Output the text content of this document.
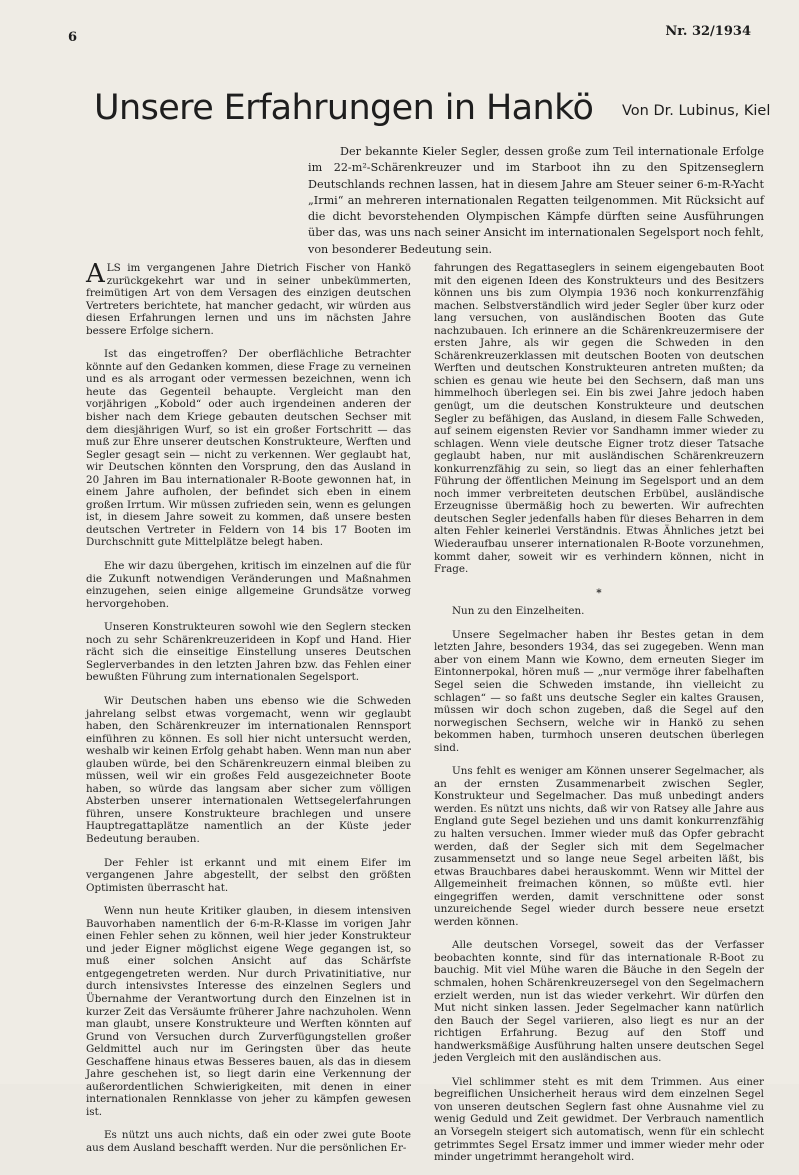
6	Nr. 32/1934
Unsere Erfahrungen in Hankö Von Dr. Lubinus, Kiel

Der bekannte Kieler Segler, dessen große zum Teil internationale Erfolge im 22-m²-Schärenkreuzer und im Starboot ihn zu den Spitzenseglern Deutschlands rechnen lassen, hat in diesem Jahre am Steuer seiner 6-m-R-Yacht „Irmi“ an mehreren internationalen Regatten teilgenommen. Mit Rücksicht auf die dicht bevorstehenden Olympischen Kämpfe dürften seine Ausführungen über das, was uns nach seiner Ansicht im internationalen Segelsport noch fehlt, von besonderer Bedeutung sein.

ALS im vergangenen Jahre Dietrich Fischer von Hankö zurückgekehrt war und in seiner unbekümmerten, freimütigen Art von dem Versagen des einzigen deutschen Vertreters berichtete, hat mancher gedacht, wir würden aus diesen Erfahrungen lernen und uns im nächsten Jahre bessere Erfolge sichern.

Ist das eingetroffen? Der oberflächliche Betrachter könnte auf den Gedanken kommen, diese Frage zu verneinen und es als arrogant oder vermessen bezeichnen, wenn ich heute das Gegenteil behaupte. Vergleicht man den vorjährigen „Kobold“ oder auch irgendeinen anderen der bisher nach dem Kriege gebauten deutschen Sechser mit dem diesjährigen Wurf, so ist ein großer Fortschritt — das muß zur Ehre unserer deutschen Konstrukteure, Werften und Segler gesagt sein — nicht zu verkennen. Wer geglaubt hat, wir Deutschen könnten den Vorsprung, den das Ausland in 20 Jahren im Bau internationaler R-Boote gewonnen hat, in einem Jahre aufholen, der befindet sich eben in einem großen Irrtum. Wir müssen zufrieden sein, wenn es gelungen ist, in diesem Jahre soweit zu kommen, daß unsere besten deutschen Vertreter in Feldern von 14 bis 17 Booten im Durchschnitt gute Mittelplätze belegt haben.

Ehe wir dazu übergehen, kritisch im einzelnen auf die für die Zukunft notwendigen Veränderungen und Maßnahmen einzugehen, seien einige allgemeine Grundsätze vorweg hervorgehoben.

Unseren Konstrukteuren sowohl wie den Seglern stecken noch zu sehr Schärenkreuzerideen in Kopf und Hand. Hier rächt sich die einseitige Einstellung unseres Deutschen Seglerverbandes in den letzten Jahren bzw. das Fehlen einer bewußten Führung zum internationalen Segelsport.

Wir Deutschen haben uns ebenso wie die Schweden jahrelang selbst etwas vorgemacht, wenn wir geglaubt haben, den Schärenkreuzer im internationalen Rennsport einführen zu können. Es soll hier nicht untersucht werden, weshalb wir keinen Erfolg gehabt haben. Wenn man nun aber glauben würde, bei den Schärenkreuzern einmal bleiben zu müssen, weil wir ein großes Feld ausgezeichneter Boote haben, so würde das langsam aber sicher zum völligen Absterben unserer internationalen Wettsegelerfahrungen führen, unsere Konstrukteure brachlegen und unsere Hauptregattaplätze namentlich an der Küste jeder Bedeutung berauben.

Der Fehler ist erkannt und mit einem Eifer im vergangenen Jahre abgestellt, der selbst den größten Optimisten überrascht hat.

Wenn nun heute Kritiker glauben, in diesem intensiven Bauvorhaben namentlich der 6-m-R-Klasse im vorigen Jahr einen Fehler sehen zu können, weil hier jeder Konstrukteur und jeder Eigner möglichst eigene Wege gegangen ist, so muß einer solchen Ansicht auf das Schärfste entgegengetreten werden. Nur durch Privatinitiative, nur durch intensivstes Interesse des einzelnen Seglers und Übernahme der Verantwortung durch den Einzelnen ist in kurzer Zeit das Versäumte früherer Jahre nachzuholen. Wenn man glaubt, unsere Konstrukteure und Werften könnten auf Grund von Versuchen durch Zurverfügungstellen großer Geldmittel auch nur im Geringsten über das heute Geschaffene hinaus etwas Besseres bauen, als das in diesem Jahre geschehen ist, so liegt darin eine Verkennung der außerordentlichen Schwierigkeiten, mit denen in einer internationalen Rennklasse von jeher zu kämpfen gewesen ist.

Es nützt uns auch nichts, daß ein oder zwei gute Boote aus dem Ausland beschafft werden. Nur die persönlichen Er-

fahrungen des Regattaseglers in seinem eigengebauten Boot mit den eigenen Ideen des Konstrukteurs und des Besitzers können uns bis zum Olympia 1936 noch konkurrenzfähig machen. Selbstverständlich wird jeder Segler über kurz oder lang versuchen, von ausländischen Booten das Gute nachzubauen. Ich erinnere an die Schärenkreuzermisere der ersten Jahre, als wir gegen die Schweden in den Schärenkreuzerklassen mit deutschen Booten von deutschen Werften und deutschen Konstrukteuren antreten mußten; da schien es genau wie heute bei den Sechsern, daß man uns himmelhoch überlegen sei. Ein bis zwei Jahre jedoch haben genügt, um die deutschen Konstrukteure und deutschen Segler zu befähigen, das Ausland, in diesem Falle Schweden, auf seinem eigensten Revier vor Sandhamn immer wieder zu schlagen. Wenn viele deutsche Eigner trotz dieser Tatsache geglaubt haben, nur mit ausländischen Schärenkreuzern konkurrenzfähig zu sein, so liegt das an einer fehlerhaften Führung der öffentlichen Meinung im Segelsport und an dem noch immer verbreiteten deutschen Erbübel, ausländische Erzeugnisse übermäßig hoch zu bewerten. Wir aufrechten deutschen Segler jedenfalls haben für dieses Beharren in dem alten Fehler keinerlei Verständnis. Etwas Ähnliches jetzt bei Wiederaufbau unserer internationalen R-Boote vorzunehmen, kommt daher, soweit wir es verhindern können, nicht in Frage.

*

Nun zu den Einzelheiten.

Unsere Segelmacher haben ihr Bestes getan in dem letzten Jahre, besonders 1934, das sei zugegeben. Wenn man aber von einem Mann wie Kowno, dem erneuten Sieger im Eintonnerpokal, hören muß — „nur vermöge ihrer fabelhaften Segel seien die Schweden imstande, ihn vielleicht zu schlagen“ — so faßt uns deutsche Segler ein kaltes Grausen, müssen wir doch schon zugeben, daß die Segel auf den norwegischen Sechsern, welche wir in Hankö zu sehen bekommen haben, turmhoch unseren deutschen überlegen sind.

Uns fehlt es weniger am Können unserer Segelmacher, als an der ernsten Zusammenarbeit zwischen Segler, Konstrukteur und Segelmacher. Das muß unbedingt anders werden. Es nützt uns nichts, daß wir von Ratsey alle Jahre aus England gute Segel beziehen und uns damit konkurrenzfähig zu halten versuchen. Immer wieder muß das Opfer gebracht werden, daß der Segler sich mit dem Segelmacher zusammensetzt und so lange neue Segel arbeiten läßt, bis etwas Brauchbares dabei herauskommt. Wenn wir Mittel der Allgemeinheit freimachen können, so müßte evtl. hier eingegriffen werden, damit verschnittene oder sonst unzureichende Segel wieder durch bessere neue ersetzt werden können.

Alle deutschen Vorsegel, soweit das der Verfasser beobachten konnte, sind für das internationale R-Boot zu bauchig. Mit viel Mühe waren die Bäuche in den Segeln der schmalen, hohen Schärenkreuzersegel von den Segelmachern erzielt werden, nun ist das wieder verkehrt. Wir dürfen den Mut nicht sinken lassen. Jeder Segelmacher kann natürlich den Bauch der Segel variieren, also liegt es nur an der richtigen Erfahrung. Bezug auf den Stoff und handwerksmäßige Ausführung halten unsere deutschen Segel jeden Vergleich mit den ausländischen aus.

Viel schlimmer steht es mit dem Trimmen. Aus einer begreiflichen Unsicherheit heraus wird dem einzelnen Segel von unseren deutschen Seglern fast ohne Ausnahme viel zu wenig Geduld und Zeit gewidmet. Der Verbrauch namentlich an Vorsegeln steigert sich automatisch, wenn für ein schlecht getrimmtes Segel Ersatz immer und immer wieder mehr oder minder ungetrimmt herangeholt wird.
